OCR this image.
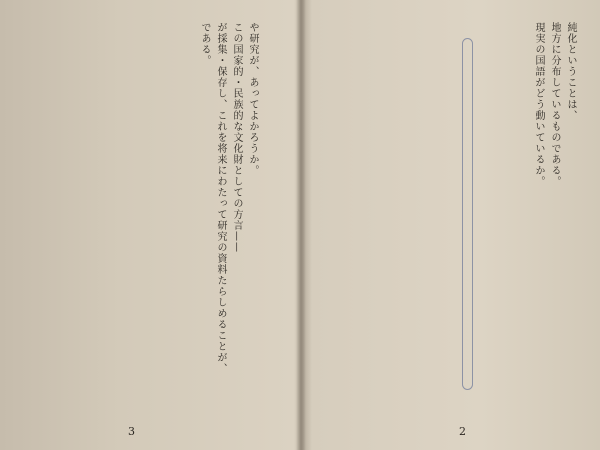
や研究が、あってよかろうか。

この国家的・民族的な文化財としての方言——

が採集・保存し、これを将来にわたって研究の資料たらしめることが、

である。

3

純化ということは、

地方に分布しているものである。

現実の国語がどう動いているか。

2
